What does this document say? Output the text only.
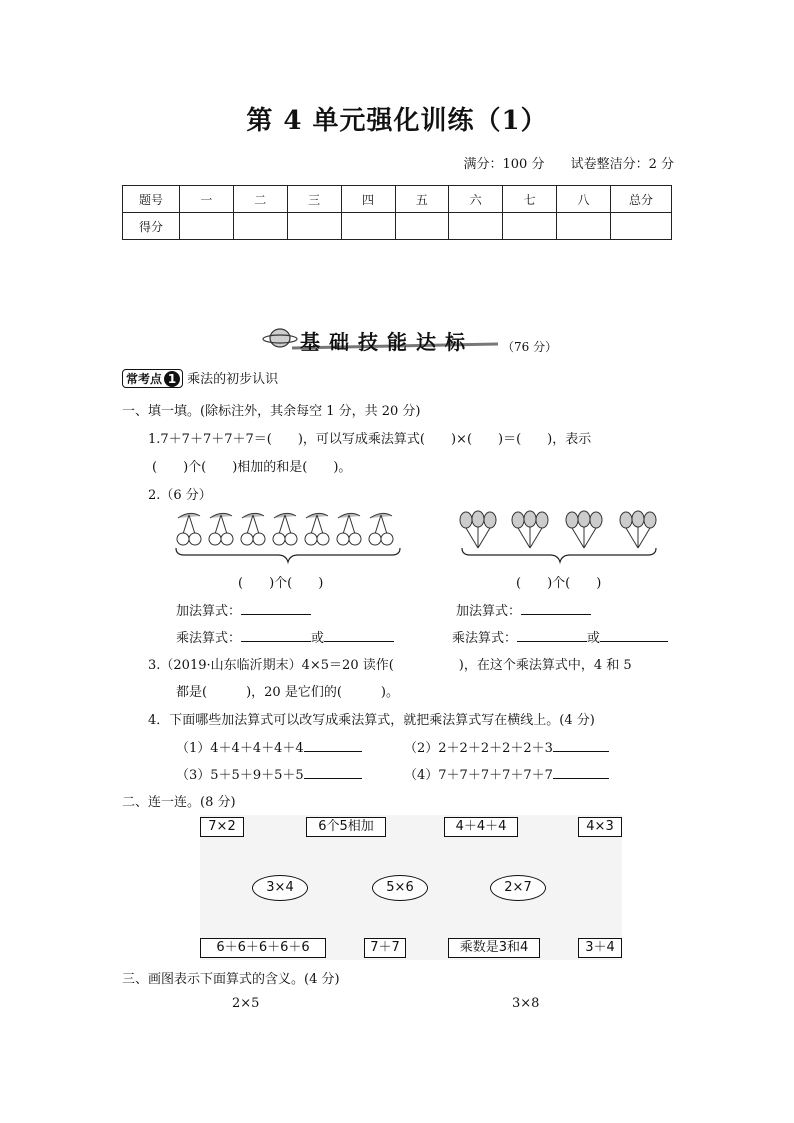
第 4 单元强化训练（1）
满分：100 分 试卷整洁分：2 分
题号	一	二	三	四	五	六	七	八	总分
得分									
基础技能达标 （76 分）
常考点 1 乘法的初步认识
一、填一填。(除标注外，其余每空 1 分，共 20 分)
1.7＋7＋7＋7＋7＝(　　)，可以写成乘法算式(　　)×(　　)＝(　　)，表示
(　　)个(　　)相加的和是(　　)。
2.（6 分）
(　　)个(　　)	(　　)个(　　)
加法算式：
乘法算式：	或
加法算式：
乘法算式：	或
3.（2019·山东临沂期末）4×5＝20 读作(　　　　　)，在这个乘法算式中，4 和 5
都是(　　　)，20 是它们的(　　　)。
4．下面哪些加法算式可以改写成乘法算式，就把乘法算式写在横线上。(4 分)
（1）4＋4＋4＋4＋4	（2）2＋2＋2＋2＋2＋3
（3）5＋5＋9＋5＋5	（4）7＋7＋7＋7＋7＋7
二、连一连。(8 分)
7×2	6个5相加	4＋4＋4	4×3
3×4	5×6	2×7
6＋6＋6＋6＋6	7＋7	乘数是3和4	3＋4
三、画图表示下面算式的含义。(4 分)
2×5	3×8
